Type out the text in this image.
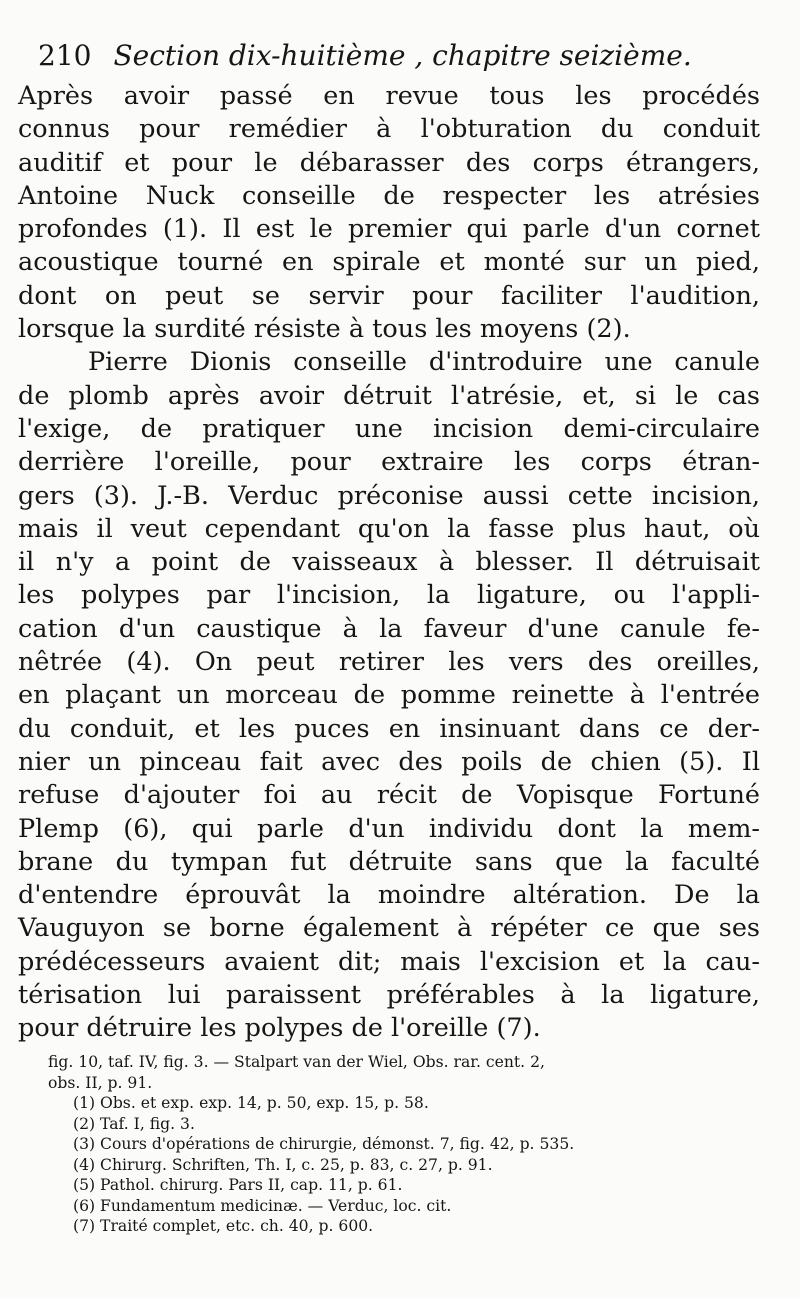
210 Section dix-huitième , chapitre seizième.
Après avoir passé en revue tous les procédés
connus pour remédier à l'obturation du conduit
auditif et pour le débarasser des corps étrangers,
Antoine Nuck conseille de respecter les atrésies
profondes (1). Il est le premier qui parle d'un cornet
acoustique tourné en spirale et monté sur un pied,
dont on peut se servir pour faciliter l'audition,
lorsque la surdité résiste à tous les moyens (2).
Pierre Dionis conseille d'introduire une canule
de plomb après avoir détruit l'atrésie, et, si le cas
l'exige, de pratiquer une incision demi-circulaire
derrière l'oreille, pour extraire les corps étran-
gers (3). J.-B. Verduc préconise aussi cette incision,
mais il veut cependant qu'on la fasse plus haut, où
il n'y a point de vaisseaux à blesser. Il détruisait
les polypes par l'incision, la ligature, ou l'appli-
cation d'un caustique à la faveur d'une canule fe-
nêtrée (4). On peut retirer les vers des oreilles,
en plaçant un morceau de pomme reinette à l'entrée
du conduit, et les puces en insinuant dans ce der-
nier un pinceau fait avec des poils de chien (5). Il
refuse d'ajouter foi au récit de Vopisque Fortuné
Plemp (6), qui parle d'un individu dont la mem-
brane du tympan fut détruite sans que la faculté
d'entendre éprouvât la moindre altération. De la
Vauguyon se borne également à répéter ce que ses
prédécesseurs avaient dit; mais l'excision et la cau-
térisation lui paraissent préférables à la ligature,
pour détruire les polypes de l'oreille (7).
fig. 10, taf. IV, fig. 3. — Stalpart van der Wiel, Obs. rar. cent. 2,
obs. II, p. 91.
(1) Obs. et exp. exp. 14, p. 50, exp. 15, p. 58.
(2) Taf. I, fig. 3.
(3) Cours d'opérations de chirurgie, démonst. 7, fig. 42, p. 535.
(4) Chirurg. Schriften, Th. I, c. 25, p. 83, c. 27, p. 91.
(5) Pathol. chirurg. Pars II, cap. 11, p. 61.
(6) Fundamentum medicinæ. — Verduc, loc. cit.
(7) Traité complet, etc. ch. 40, p. 600.
